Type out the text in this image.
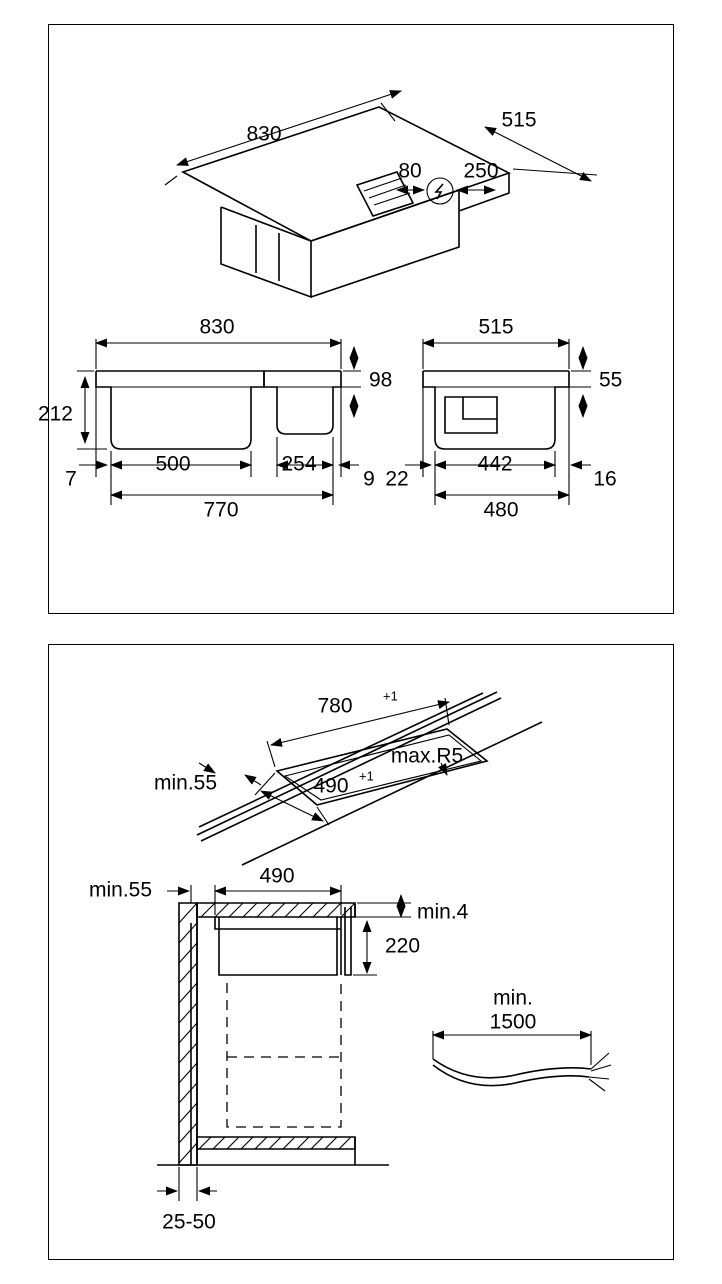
830
515
80 250
830
98
212
500	254
7	9
770
515
55
442
22	16
480
780 +1
490 +1
max.R5
min.55
min.55
490
min.4
220
25-50
min.
1500
